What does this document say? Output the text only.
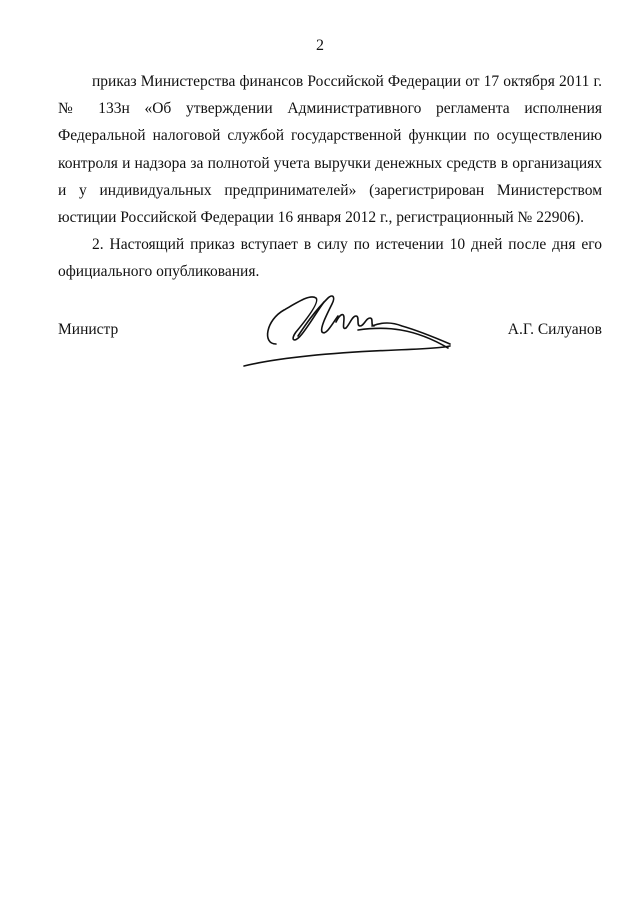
2

приказ Министерства финансов Российской Федерации от 17 октября 2011 г. № 133н «Об утверждении Административного регламента исполнения Федеральной налоговой службой государственной функции по осуществлению контроля и надзора за полнотой учета выручки денежных средств в организациях и у индивидуальных предпринимателей» (зарегистрирован Министерством юстиции Российской Федерации 16 января 2012 г., регистрационный № 22906).

2. Настоящий приказ вступает в силу по истечении 10 дней после дня его официального опубликования.

Министр	А.Г. Силуанов
